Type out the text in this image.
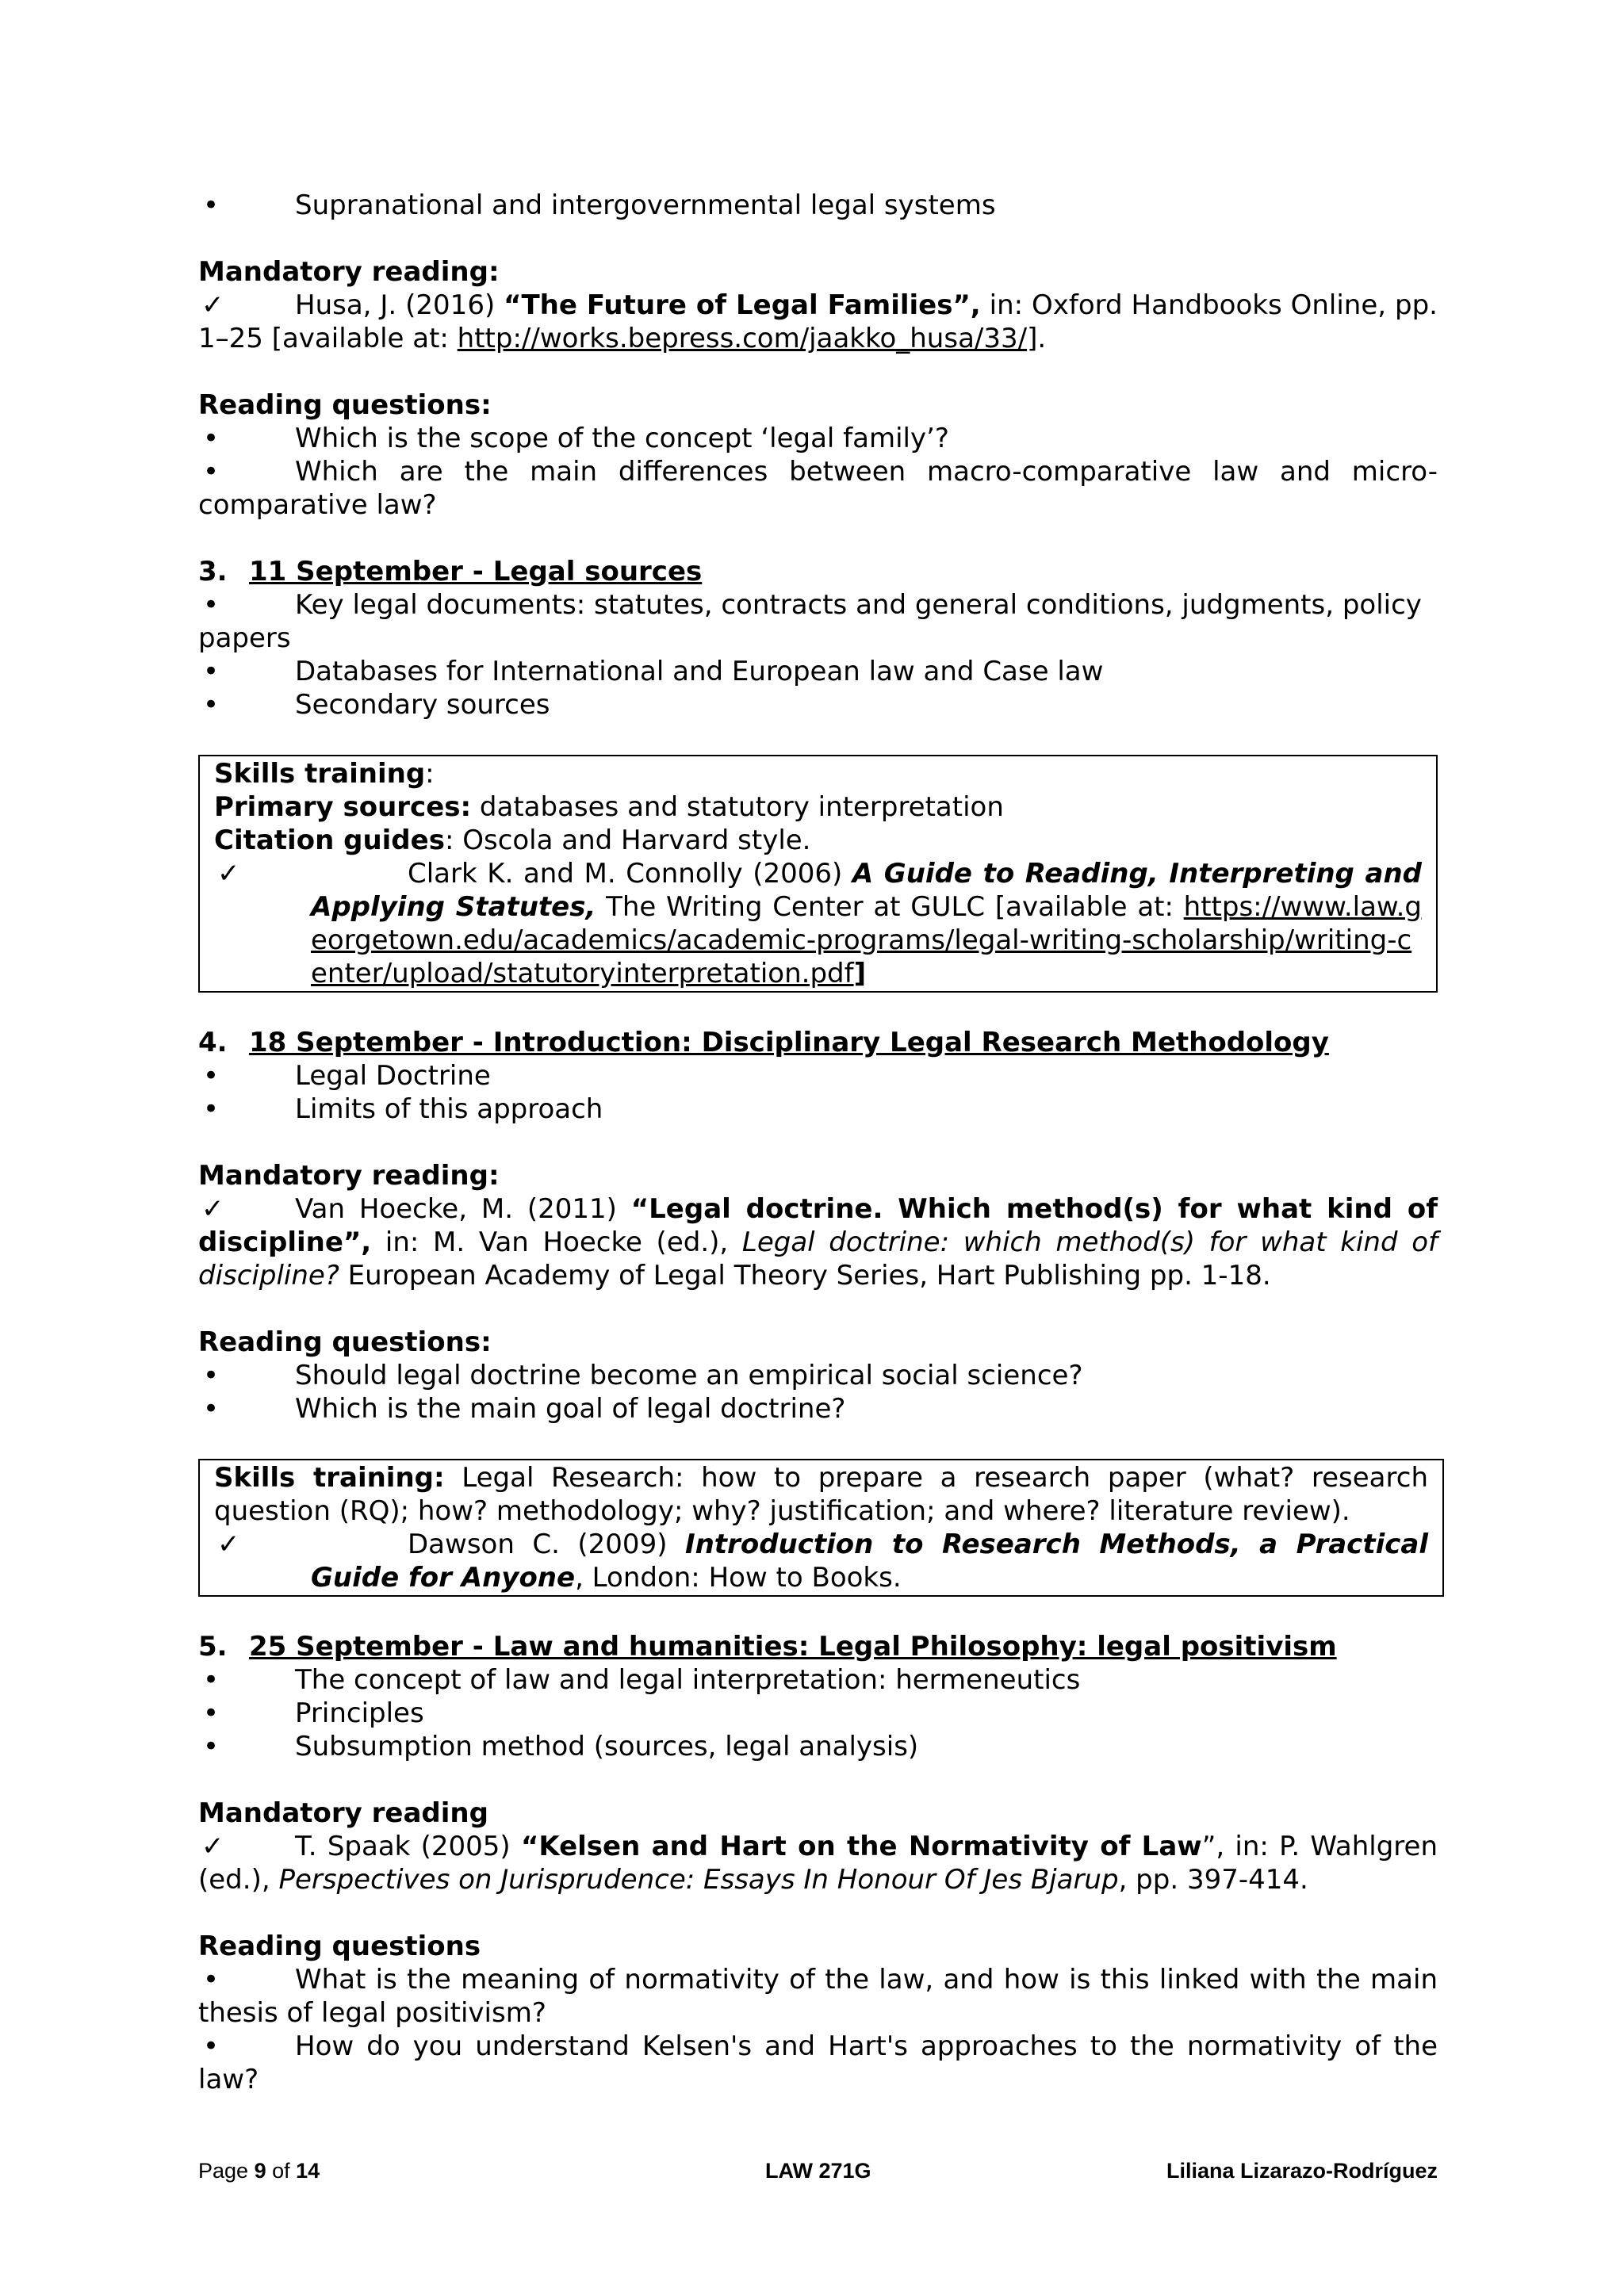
• Supranational and intergovernmental legal systems
Mandatory reading:
✓	Husa, J. (2016) “The Future of Legal Families”, in: Oxford Handbooks Online, pp. 1–25 [available at: http://works.bepress.com/jaakko_husa/33/].
Reading questions:
• Which is the scope of the concept ‘legal family’?
• Which are the main differences between macro-comparative law and micro-comparative law?
3. 11 September - Legal sources
• Key legal documents: statutes, contracts and general conditions, judgments, policy papers
• Databases for International and European law and Case law
• Secondary sources
Skills training:
Primary sources: databases and statutory interpretation
Citation guides: Oscola and Harvard style.
✓	Clark K. and M. Connolly (2006) A Guide to Reading, Interpreting and Applying Statutes, The Writing Center at GULC [available at: https://www.law.georgetown.edu/academics/academic-programs/legal-writing-scholarship/writing-center/upload/statutoryinterpretation.pdf]
4. 18 September - Introduction: Disciplinary Legal Research Methodology
• Legal Doctrine
• Limits of this approach
Mandatory reading:
✓	Van Hoecke, M. (2011) “Legal doctrine. Which method(s) for what kind of discipline”, in: M. Van Hoecke (ed.), Legal doctrine: which method(s) for what kind of discipline? European Academy of Legal Theory Series, Hart Publishing pp. 1-18.
Reading questions:
• Should legal doctrine become an empirical social science?
• Which is the main goal of legal doctrine?
Skills training: Legal Research: how to prepare a research paper (what? research question (RQ); how? methodology; why? justification; and where? literature review).
✓	Dawson C. (2009) Introduction to Research Methods, a Practical Guide for Anyone, London: How to Books.
5. 25 September - Law and humanities: Legal Philosophy: legal positivism
• The concept of law and legal interpretation: hermeneutics
• Principles
• Subsumption method (sources, legal analysis)
Mandatory reading
✓	T. Spaak (2005) “Kelsen and Hart on the Normativity of Law”, in: P. Wahlgren (ed.), Perspectives on Jurisprudence: Essays In Honour Of Jes Bjarup, pp. 397-414.
Reading questions
• What is the meaning of normativity of the law, and how is this linked with the main thesis of legal positivism?
• How do you understand Kelsen's and Hart's approaches to the normativity of the law?
Page 9 of 14	LAW 271G	Liliana Lizarazo-Rodríguez
